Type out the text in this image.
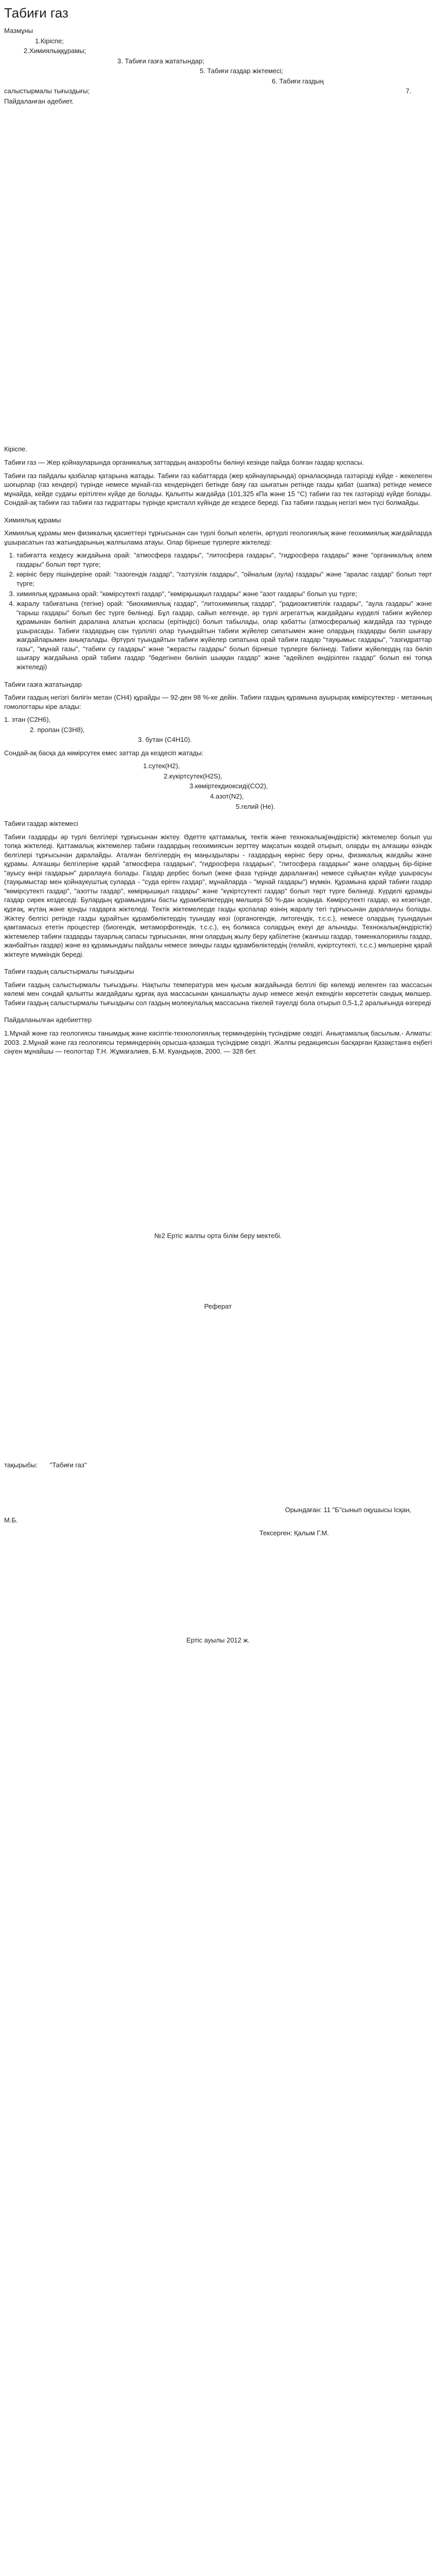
Табиғи газ
Мазмұны
1.Кіріспе;
2.Химиялыққұрамы;
3. Табиғи газға жататындар;
5. Табиғи газдар жіктемесі;
6. Табиғи газдың
салыстырмалы тығыздығы;	7.
Пайдаланған әдебиет.
Кіріспе.

Табиғи газ — Жер қойнауларында органикалық заттардың анаэробты бөлінуі кезінде пайда болған газдар қоспасы.

Табиғи газ пайдалы қазбалар қатарына жатады. Табиғи газ кабаттарда (жер қойнауларында) орналасқанда газтәріздi күйде - жекелеген шоғырлар (газ кендері) түрінде немесе мұнай-газ кендерiндегі бетiнде баяу газ шығатын ретінде газды қабат (шапка) ретінде немесе мұнайда, кейде судағы ерітілген күйде де болады. Қалыпты жағдайда (101,325 кПа және 15 °C) табиғи газ тек газтәріздi күйде болады. Сондай-ақ табиғи газ табиғи газ гидраттары түрінде кристалл күйінде де кездесе береді. Газ табиғи газдың негізгі мен түсі болмайды.

Химиялық құрамы

Химиялық құрамы мен физикалық қасиеттері тұрғысынан сан түрлі болып келетін, әртүрлі геологиялық және геохимиялық жағдайларда ұшырасатын газ жатындарының жалпылама атауы. Олар бірнеше түрлерге жіктеледі:

1. табиғатта кездесу жағдайына орай: "атмосфера газдары", "литосфера газдары", "гидросфера газдары" және "органикалық әлем газдары" болып төрт түрге;
2. көрінiс беру пішіндеріне орай: "газогендік газдар", "газтүзілік газдары", "ойналым (аула) газдары" және "аралас газдар" болып төрт түрге;
3. химиялық құрамына орай: "көмірсутекті газдар", "көмірқышқыл газдары" және "азот газдары" болып үш түрге;
4. жаралу табиғатына (тегіне) орай: "биохимиялық газдар", "литохимиялық газдар", "радиоактивтілік газдары", "аула газдары" және "ғарыш газдары" болып бес түрге бөлінеді. Бұл газдар, сайып келгенде, әр түрлі агрегаттық жағдайдағы күрделі табиғи жүйелер құрамынан бөлініп даралана алатын қоспасы (ерітіндісі) болып табылады, олар қабатты (атмосфералық) жағдайда газ түрінде ұшырасады. Табиғи газдардың сан түрлілігі олар туындайтын табиғи жүйелер сипатымен және олардың газдарды бөліп шығару жағдайларымен анықталады. Әртүрлі туындайтын табиғи жүйелер сипатына орай табиғи газдар "тауқымыс газдары", "газгидраттар газы", "мұнай газы", "табиғи су газдары" және "жерасты газдары" болып бірнеше түрлерге бөлінеді. Табиғи жүйелердің газ бөліп шығару жағдайына орай табиғи газдар "бөдегінен бөлініп шыққан газдар" және "әдейілеп өндірілген газдар" болып екі топқа жіктеледі)
Табиғи газға жататындар

Табиғи газдың негізгі бөлігін метан (CH4) құрайды — 92-ден 98 %-ке дейін. Табиғи газдың құрамына ауырырақ көмірсутектер - метанның гомологтары кіре алады:

1. этан (C2H6),
2. пропан (C3H8),
3. бутан (C4H10).

Сондай-ақ басқа да көмірсутек емес заттар да кездесіп жатады:

1.сутек(H2),
2.күкіртсутек(H2S),
3.көміртекдиоксиді(CO2),
4.азот(N2),
5.гелий (He).
Табиғи газдар жіктемесі

Табиғи газдарды әр түрлі белгілері тұрғысынан жіктеу. Әдетте қаттамалық, тектік және технокалық(өндірістік) жіктемелер болып үш топқа жіктеледі. Қаттамалық жіктемелер табиғи газдардың геохимиясын зерттеу мақсатын көздей отырып, оларды ең алғашқы өзіндік белгілері тұрғысынан даралайды. Аталған белгілердің ең маңыздылары - газдардың көрiнiс беру орны, физикалық жағдайы және құрамы. Алғашқы белгілеріне қарай "атмосфера газдарын", "гидросфера газдарын", "литосфера газдарын" және олардың бір-бірiне "ауысу өнiрi газдарын" даралауға болады. Газдар дербес болып (жеке фаза түрінде дараланған) немесе сұйықтан күйде ұшырасуы (тауқымыстар мен қойнаукүштық сулардa - "суда еріген газдар", мұнайларда - "мұнай газдары") мүмкін. Құрамына қарай табиғи газдар "көмірсутекті газдар", "азотты газдар", көмірқышқыл газдары" және "күкіртсутекті газдар" болып төрт түрге бөлінеді. Күрделі құрамды газдар сирек кездеседі. Булардың құрамындағы басты құрамбөліктердің мөлшері 50 %-дан асқанда. Көмірсутекті газдар, өз кезегінде, құрғақ, жүтаң және қонды газдарға жіктеледі. Тектік жіктемелерде газды қоспалар өзінің жаралу тегі тұрғысынан даралануы болады. Жіктеу белгісі ретінде газды құрайтын құрамбөліктердің туындау көзі (органогендік, литогендік, т.с.с.), немесе олардың туындауын қамтамасыз ететін процестер (биогендік, метаморфогендік, т.с.с.), ең болмаса солардың екеуі де алынады. Технокалық(өндірістік) жіктемелер табиғи газдарды тауарлық сапасы тұрғысынан, яғни олардың жылу беру қабілетіне (жанғыш газдар, тәменкалориялы газдар, жанбайтын газдар) және өз құрамындағы пайдалы немесе зиянды газды құрамбөліктердің (гелийлі, күкіртсутекті, т.с.с.) мөлшеріне қарай жіктеуге мүмкіндік береді.

Табиғи газдың салыстырмалы тығыздығы

Табиғи газдың салыстырмалы тығыздығы. Нақтылы температура мен қысым жағдайында белгілі бір көлемді иеленген газ массасын көлемі мен сондай қалыпты жағдайдағы құрғақ ауа массасынан қаншалықты ауыр немесе жеңіл екендігін көрсететін сандық мөлшер. Табиғи газдың салыстырмалы тығыздығы сол газдың молекулалық массасына тікелей тәуелді бола отырып 0,5-1,2 аралығында өзгереді

Пайдаланылған әдебиеттер

1.Мұнай және газ геологиясы танымдық және кәсіптік-технологиялық терминдерінің түсіндірме сөздігі. Анықтамалық басылым.- Алматы: 2003. 2.Мұнай және газ геологиясы терминдерінің орысша-қазақша түсіндірме сөздігі. Жалпы редакциясын басқарған Қазақстанға еңбегі сіңген мұнайшы — геологтар Т.Н. Жұмағалиев, Б.М. Куандықов, 2000. — 328 бет.

№2 Ертіс жалпы орта білім беру мектебі.
Реферат
тақырыбы: "Табиғи газ"
Орындаған: 11 "Б"сынып оқушысы Ісқан,
М.Б.
Тексерген: Қалым Г.М.
Ертіс ауылы 2012 ж.
